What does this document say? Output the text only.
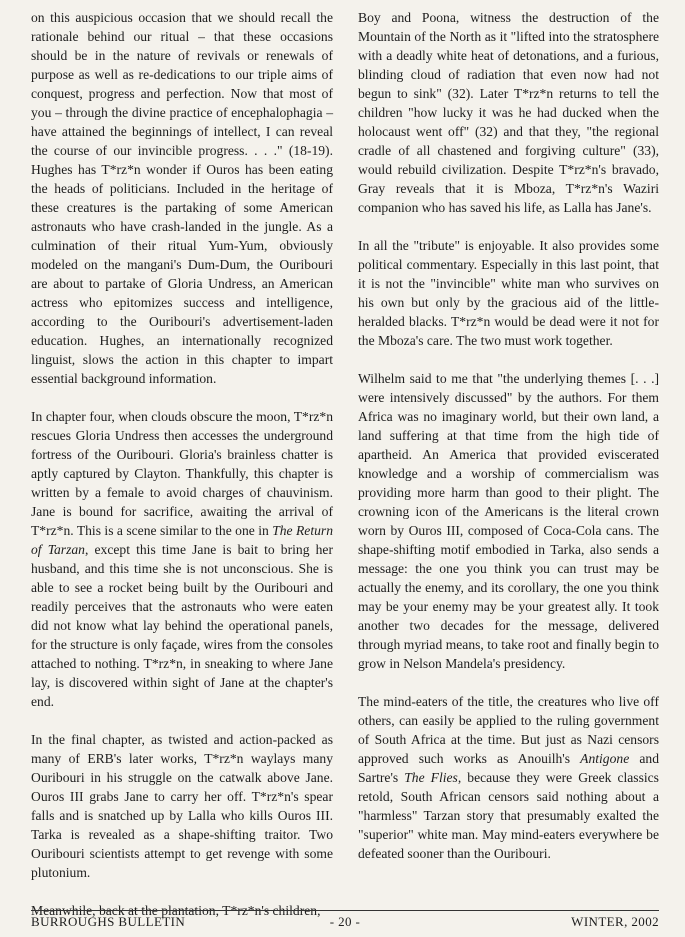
on this auspicious occasion that we should recall the rationale behind our ritual – that these occasions should be in the nature of revivals or renewals of purpose as well as re-dedications to our triple aims of conquest, progress and perfection. Now that most of you – through the divine practice of encephalophagia – have attained the beginnings of intellect, I can reveal the course of our invincible progress. . . ." (18-19). Hughes has T*rz*n wonder if Ouros has been eating the heads of politicians. Included in the heritage of these creatures is the partaking of some American astronauts who have crash-landed in the jungle. As a culmination of their ritual Yum-Yum, obviously modeled on the mangani's Dum-Dum, the Ouribouri are about to partake of Gloria Undress, an American actress who epitomizes success and intelligence, according to the Ouribouri's advertisement-laden education. Hughes, an internationally recognized linguist, slows the action in this chapter to impart essential background information.

In chapter four, when clouds obscure the moon, T*rz*n rescues Gloria Undress then accesses the underground fortress of the Ouribouri. Gloria's brainless chatter is aptly captured by Clayton. Thankfully, this chapter is written by a female to avoid charges of chauvinism. Jane is bound for sacrifice, awaiting the arrival of T*rz*n. This is a scene similar to the one in The Return of Tarzan, except this time Jane is bait to bring her husband, and this time she is not unconscious. She is able to see a rocket being built by the Ouribouri and readily perceives that the astronauts who were eaten did not know what lay behind the operational panels, for the structure is only façade, wires from the consoles attached to nothing. T*rz*n, in sneaking to where Jane lay, is discovered within sight of Jane at the chapter's end.

In the final chapter, as twisted and action-packed as many of ERB's later works, T*rz*n waylays many Ouribouri in his struggle on the catwalk above Jane. Ouros III grabs Jane to carry her off. T*rz*n's spear falls and is snatched up by Lalla who kills Ouros III. Tarka is revealed as a shape-shifting traitor. Two Ouribouri scientists attempt to get revenge with some plutonium.

Meanwhile, back at the plantation, T*rz*n's children,

Boy and Poona, witness the destruction of the Mountain of the North as it "lifted into the stratosphere with a deadly white heat of detonations, and a furious, blinding cloud of radiation that even now had not begun to sink" (32). Later T*rz*n returns to tell the children "how lucky it was he had ducked when the holocaust went off" (32) and that they, "the regional cradle of all chastened and forgiving culture" (33), would rebuild civilization. Despite T*rz*n's bravado, Gray reveals that it is Mboza, T*rz*n's Waziri companion who has saved his life, as Lalla has Jane's.

In all the "tribute" is enjoyable. It also provides some political commentary. Especially in this last point, that it is not the "invincible" white man who survives on his own but only by the gracious aid of the little-heralded blacks. T*rz*n would be dead were it not for the Mboza's care. The two must work together.

Wilhelm said to me that "the underlying themes [. . .] were intensively discussed" by the authors. For them Africa was no imaginary world, but their own land, a land suffering at that time from the high tide of apartheid. An America that provided eviscerated knowledge and a worship of commercialism was providing more harm than good to their plight. The crowning icon of the Americans is the literal crown worn by Ouros III, composed of Coca-Cola cans. The shape-shifting motif embodied in Tarka, also sends a message: the one you think you can trust may be actually the enemy, and its corollary, the one you think may be your enemy may be your greatest ally. It took another two decades for the message, delivered through myriad means, to take root and finally begin to grow in Nelson Mandela's presidency.

The mind-eaters of the title, the creatures who live off others, can easily be applied to the ruling government of South Africa at the time. But just as Nazi censors approved such works as Anouilh's Antigone and Sartre's The Flies, because they were Greek classics retold, South African censors said nothing about a "harmless" Tarzan story that presumably exalted the "superior" white man. May mind-eaters everywhere be defeated sooner than the Ouribouri.

- 20 -
BURROUGHS BULLETIN	WINTER, 2002
